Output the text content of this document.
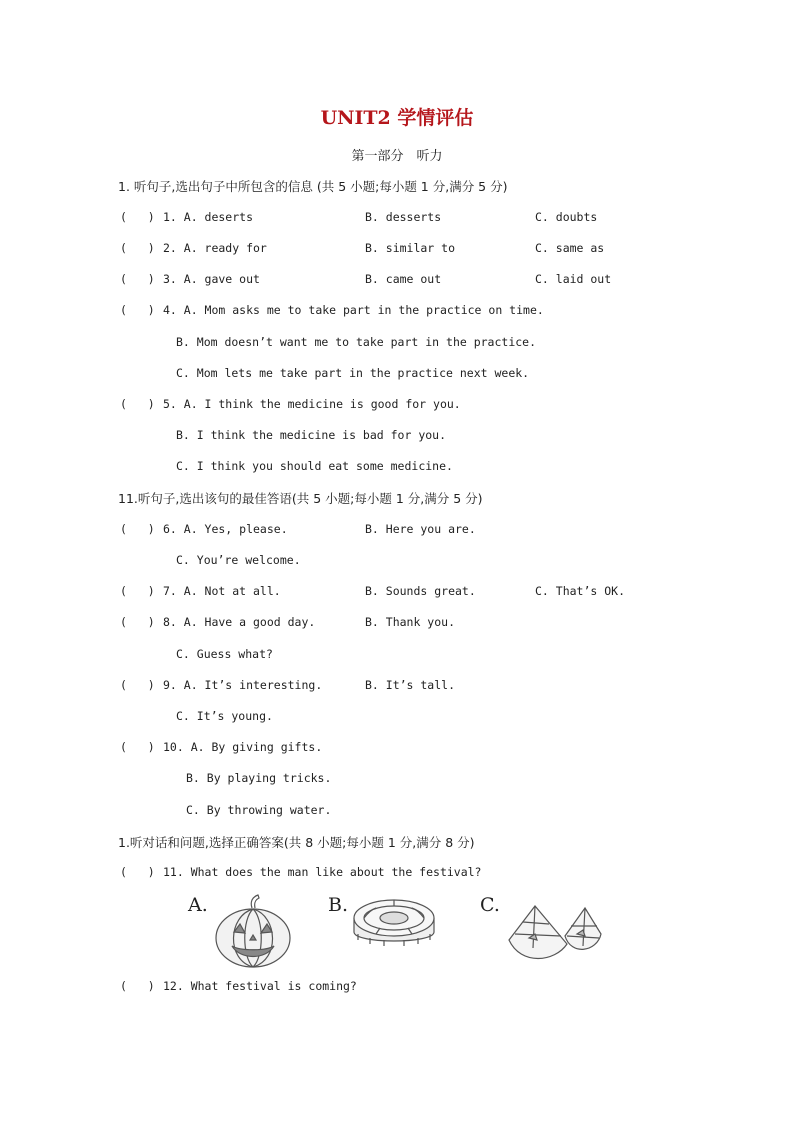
UNIT2 学情评估
第一部分　听力
1. 听句子,选出句子中所包含的信息 (共 5 小题;每小题 1 分,满分 5 分)
(   ) 1. A. deserts	B. desserts	C. doubts
(   ) 2. A. ready for	B. similar to	C. same as
(   ) 3. A. gave out	B. came out	C. laid out
(   ) 4. A. Mom asks me to take part in the practice on time.
B. Mom doesn’t want me to take part in the practice.
C. Mom lets me take part in the practice next week.
(   ) 5. A. I think the medicine is good for you.
B. I think the medicine is bad for you.
C. I think you should eat some medicine.
11.听句子,选出该句的最佳答语(共 5 小题;每小题 1 分,满分 5 分)
(   ) 6. A. Yes, please.	B. Here you are.
C. You’re welcome.
(   ) 7. A. Not at all.	B. Sounds great.	C. That’s OK.
(   ) 8. A. Have a good day.	B. Thank you.
C. Guess what?
(   ) 9. A. It’s interesting.	B. It’s tall.
C. It’s young.
(   ) 10. A. By giving gifts.
B. By playing tricks.
C. By throwing water.
1.听对话和问题,选择正确答案(共 8 小题;每小题 1 分,满分 8 分)
(   ) 11. What does the man like about the festival?
A.	B.	C.
(   ) 12. What festival is coming?
